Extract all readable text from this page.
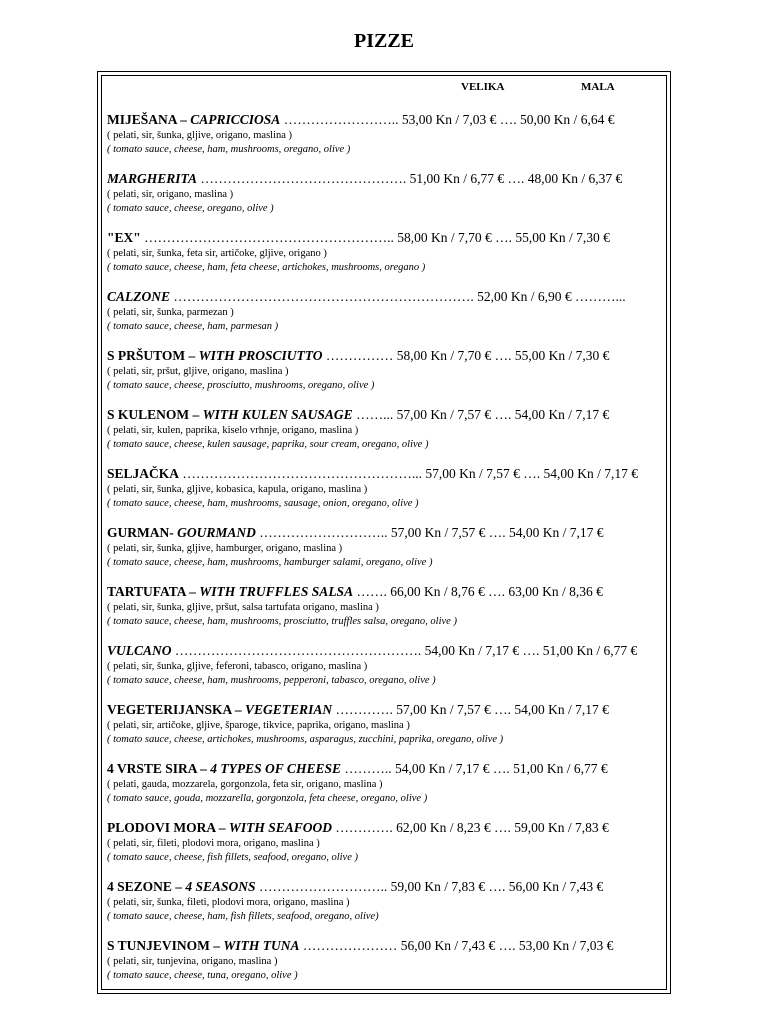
PIZZE
VELIKA	MALA
MIJEŠANA – CAPRICCIOSA …………………….. 53,00 Kn / 7,03 € …. 50,00 Kn / 6,64 €
( pelati, sir, šunka, gljive, origano, maslina )
( tomato sauce, cheese, ham, mushrooms, oregano, olive )
MARGHERITA ………………………………………. 51,00 Kn / 6,77 € …. 48,00 Kn / 6,37 €
( pelati, sir, origano, maslina )
( tomato sauce, cheese, oregano, olive )
"EX" ……………………………………………….. 58,00 Kn / 7,70 € …. 55,00 Kn / 7,30 €
( pelati, sir, šunka, feta sir, artičoke, gljive, origano )
( tomato sauce, cheese, ham, feta cheese, artichokes, mushrooms, oregano )
CALZONE …………………………………………………………. 52,00 Kn / 6,90 € ………...
( pelati, sir, šunka, parmezan )
( tomato sauce, cheese, ham, parmesan )
S PRŠUTOM – WITH PROSCIUTTO …………… 58,00 Kn / 7,70 € …. 55,00 Kn / 7,30 €
( pelati, sir, pršut, gljive, origano, maslina )
( tomato sauce, cheese, prosciutto, mushrooms, oregano, olive )
S KULENOM – WITH KULEN SAUSAGE ……... 57,00 Kn / 7,57 € …. 54,00 Kn / 7,17 €
( pelati, sir, kulen, paprika, kiselo vrhnje, origano, maslina )
( tomato sauce, cheese, kulen sausage, paprika, sour cream, oregano, olive )
SELJAČKA ……………………………………………... 57,00 Kn / 7,57 € …. 54,00 Kn / 7,17 €
( pelati, sir, šunka, gljive, kobasica, kapula, origano, maslina )
( tomato sauce, cheese, ham, mushrooms, sausage, onion, oregano, olive )
GURMAN- GOURMAND ……………………….. 57,00 Kn / 7,57 € …. 54,00 Kn / 7,17 €
( pelati, sir, šunka, gljive, hamburger, origano, maslina )
( tomato sauce, cheese, ham, mushrooms, hamburger salami, oregano, olive )
TARTUFATA – WITH TRUFFLES SALSA ……. 66,00 Kn / 8,76 € …. 63,00 Kn / 8,36 €
( pelati, sir, šunka, gljive, pršut, salsa tartufata origano, maslina )
( tomato sauce, cheese, ham, mushrooms, prosciutto, truffles salsa, oregano, olive )
VULCANO ………………………………………………. 54,00 Kn / 7,17 € …. 51,00 Kn / 6,77 €
( pelati, sir, šunka, gljive, feferoni, tabasco, origano, maslina )
( tomato sauce, cheese, ham, mushrooms, pepperoni, tabasco, oregano, olive )
VEGETERIJANSKA – VEGETERIAN …………. 57,00 Kn / 7,57 € …. 54,00 Kn / 7,17 €
( pelati, sir, artičoke, gljive, šparoge, tikvice, paprika, origano, maslina )
( tomato sauce, cheese, artichokes, mushrooms, asparagus, zucchini, paprika, oregano, olive )
4 VRSTE SIRA – 4 TYPES OF CHEESE ……….. 54,00 Kn / 7,17 € …. 51,00 Kn / 6,77 €
( pelati, gauda, mozzarela, gorgonzola, feta sir, origano, maslina )
( tomato sauce, gouda, mozzarella, gorgonzola, feta cheese, oregano, olive )
PLODOVI MORA – WITH SEAFOOD …………. 62,00 Kn / 8,23 € …. 59,00 Kn / 7,83 €
( pelati, sir, fileti, plodovi mora, origano, maslina )
( tomato sauce, cheese, fish fillets, seafood, oregano, olive )
4 SEZONE – 4 SEASONS ……………………….. 59,00 Kn / 7,83 € …. 56,00 Kn / 7,43 €
( pelati, sir, šunka, fileti, plodovi mora, origano, maslina )
( tomato sauce, cheese, ham, fish fillets, seafood, oregano, olive)
S TUNJEVINOM – WITH TUNA ………………… 56,00 Kn / 7,43 € …. 53,00 Kn / 7,03 €
( pelati, sir, tunjevina, origano, maslina )
( tomato sauce, cheese, tuna, oregano, olive )
